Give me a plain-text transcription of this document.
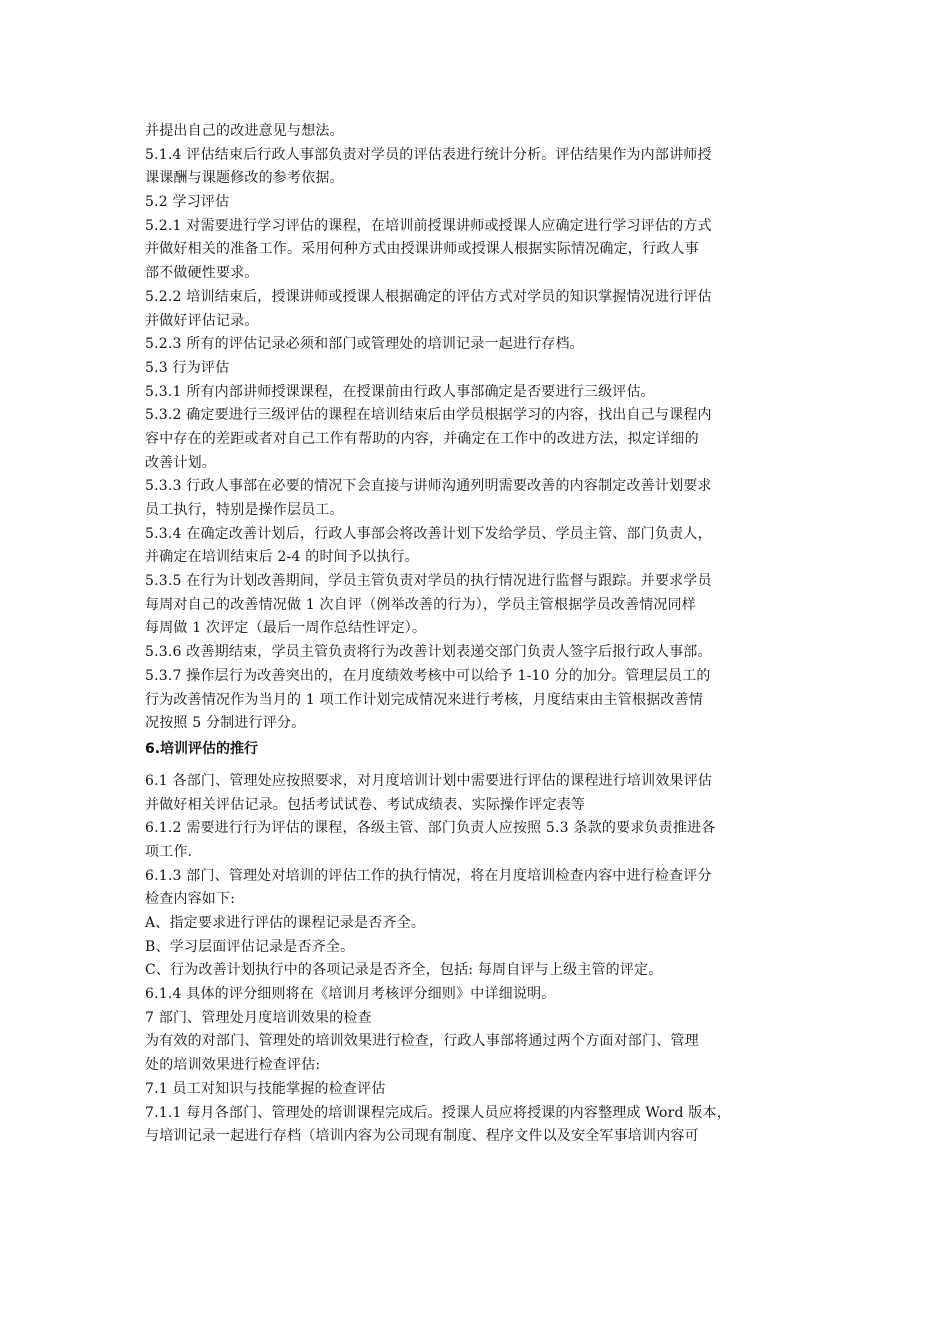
并提出自己的改进意见与想法。
5.1.4 评估结束后行政人事部负责对学员的评估表进行统计分析。评估结果作为内部讲师授
课课酬与课题修改的参考依据。
5.2 学习评估
5.2.1 对需要进行学习评估的课程，在培训前授课讲师或授课人应确定进行学习评估的方式
并做好相关的准备工作。采用何种方式由授课讲师或授课人根据实际情况确定，行政人事
部不做硬性要求。
5.2.2 培训结束后，授课讲师或授课人根据确定的评估方式对学员的知识掌握情况进行评估
并做好评估记录。
5.2.3 所有的评估记录必须和部门或管理处的培训记录一起进行存档。
5.3 行为评估
5.3.1 所有内部讲师授课课程，在授课前由行政人事部确定是否要进行三级评估。
5.3.2 确定要进行三级评估的课程在培训结束后由学员根据学习的内容，找出自己与课程内
容中存在的差距或者对自己工作有帮助的内容，并确定在工作中的改进方法，拟定详细的
改善计划。
5.3.3 行政人事部在必要的情况下会直接与讲师沟通列明需要改善的内容制定改善计划要求
员工执行，特别是操作层员工。
5.3.4 在确定改善计划后，行政人事部会将改善计划下发给学员、学员主管、部门负责人，
并确定在培训结束后 2-4 的时间予以执行。
5.3.5 在行为计划改善期间，学员主管负责对学员的执行情况进行监督与跟踪。并要求学员
每周对自己的改善情况做 1 次自评（例举改善的行为），学员主管根据学员改善情况同样
每周做 1 次评定（最后一周作总结性评定）。
5.3.6 改善期结束，学员主管负责将行为改善计划表递交部门负责人签字后报行政人事部。
5.3.7 操作层行为改善突出的，在月度绩效考核中可以给予 1-10 分的加分。管理层员工的
行为改善情况作为当月的 1 项工作计划完成情况来进行考核，月度结束由主管根据改善情
况按照 5 分制进行评分。
6.培训评估的推行
6.1 各部门、管理处应按照要求，对月度培训计划中需要进行评估的课程进行培训效果评估
并做好相关评估记录。包括考试试卷、考试成绩表、实际操作评定表等
6.1.2 需要进行行为评估的课程，各级主管、部门负责人应按照 5.3 条款的要求负责推进各
项工作.
6.1.3 部门、管理处对培训的评估工作的执行情况，将在月度培训检查内容中进行检查评分
检查内容如下:
A、指定要求进行评估的课程记录是否齐全。
B、学习层面评估记录是否齐全。
C、行为改善计划执行中的各项记录是否齐全，包括: 每周自评与上级主管的评定。
6.1.4 具体的评分细则将在《培训月考核评分细则》中详细说明。
7 部门、管理处月度培训效果的检查
为有效的对部门、管理处的培训效果进行检查，行政人事部将通过两个方面对部门、管理
处的培训效果进行检查评估:
7.1 员工对知识与技能掌握的检查评估
7.1.1 每月各部门、管理处的培训课程完成后。授课人员应将授课的内容整理成 Word 版本，
与培训记录一起进行存档（培训内容为公司现有制度、程序文件以及安全军事培训内容可
